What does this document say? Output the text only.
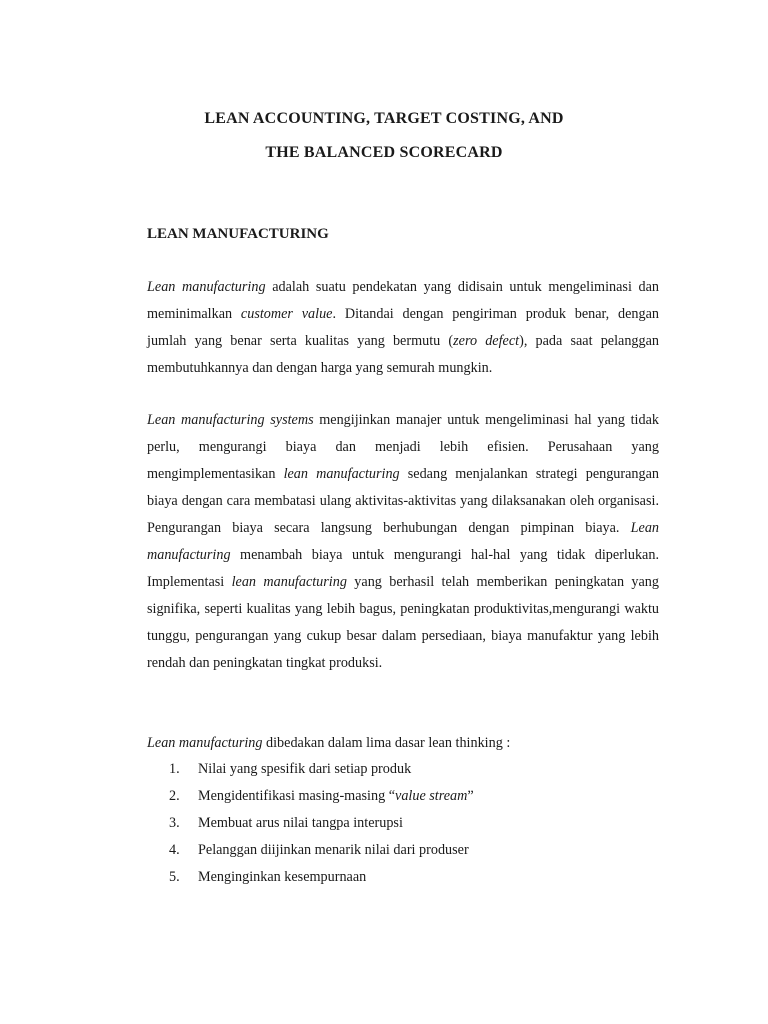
LEAN ACCOUNTING, TARGET COSTING, AND
THE BALANCED SCORECARD
LEAN MANUFACTURING
Lean manufacturing adalah suatu pendekatan yang didisain untuk mengeliminasi dan meminimalkan customer value. Ditandai dengan pengiriman produk benar, dengan jumlah yang benar serta kualitas yang bermutu (zero defect), pada saat pelanggan membutuhkannya dan dengan harga yang semurah mungkin.
Lean manufacturing systems mengijinkan manajer untuk mengeliminasi hal yang tidak perlu, mengurangi biaya dan menjadi lebih efisien. Perusahaan yang mengimplementasikan lean manufacturing sedang menjalankan strategi pengurangan biaya dengan cara membatasi ulang aktivitas-aktivitas yang dilaksanakan oleh organisasi. Pengurangan biaya secara langsung berhubungan dengan pimpinan biaya. Lean manufacturing menambah biaya untuk mengurangi hal-hal yang tidak diperlukan. Implementasi lean manufacturing yang berhasil telah memberikan peningkatan yang signifika, seperti kualitas yang lebih bagus, peningkatan produktivitas,mengurangi waktu tunggu, pengurangan yang cukup besar dalam persediaan, biaya manufaktur yang lebih rendah dan peningkatan tingkat produksi.
Lean manufacturing dibedakan dalam lima dasar lean thinking :
1. Nilai yang spesifik dari setiap produk
2. Mengidentifikasi masing-masing “value stream”
3. Membuat arus nilai tangpa interupsi
4. Pelanggan diijinkan menarik nilai dari produser
5. Menginginkan kesempurnaan
